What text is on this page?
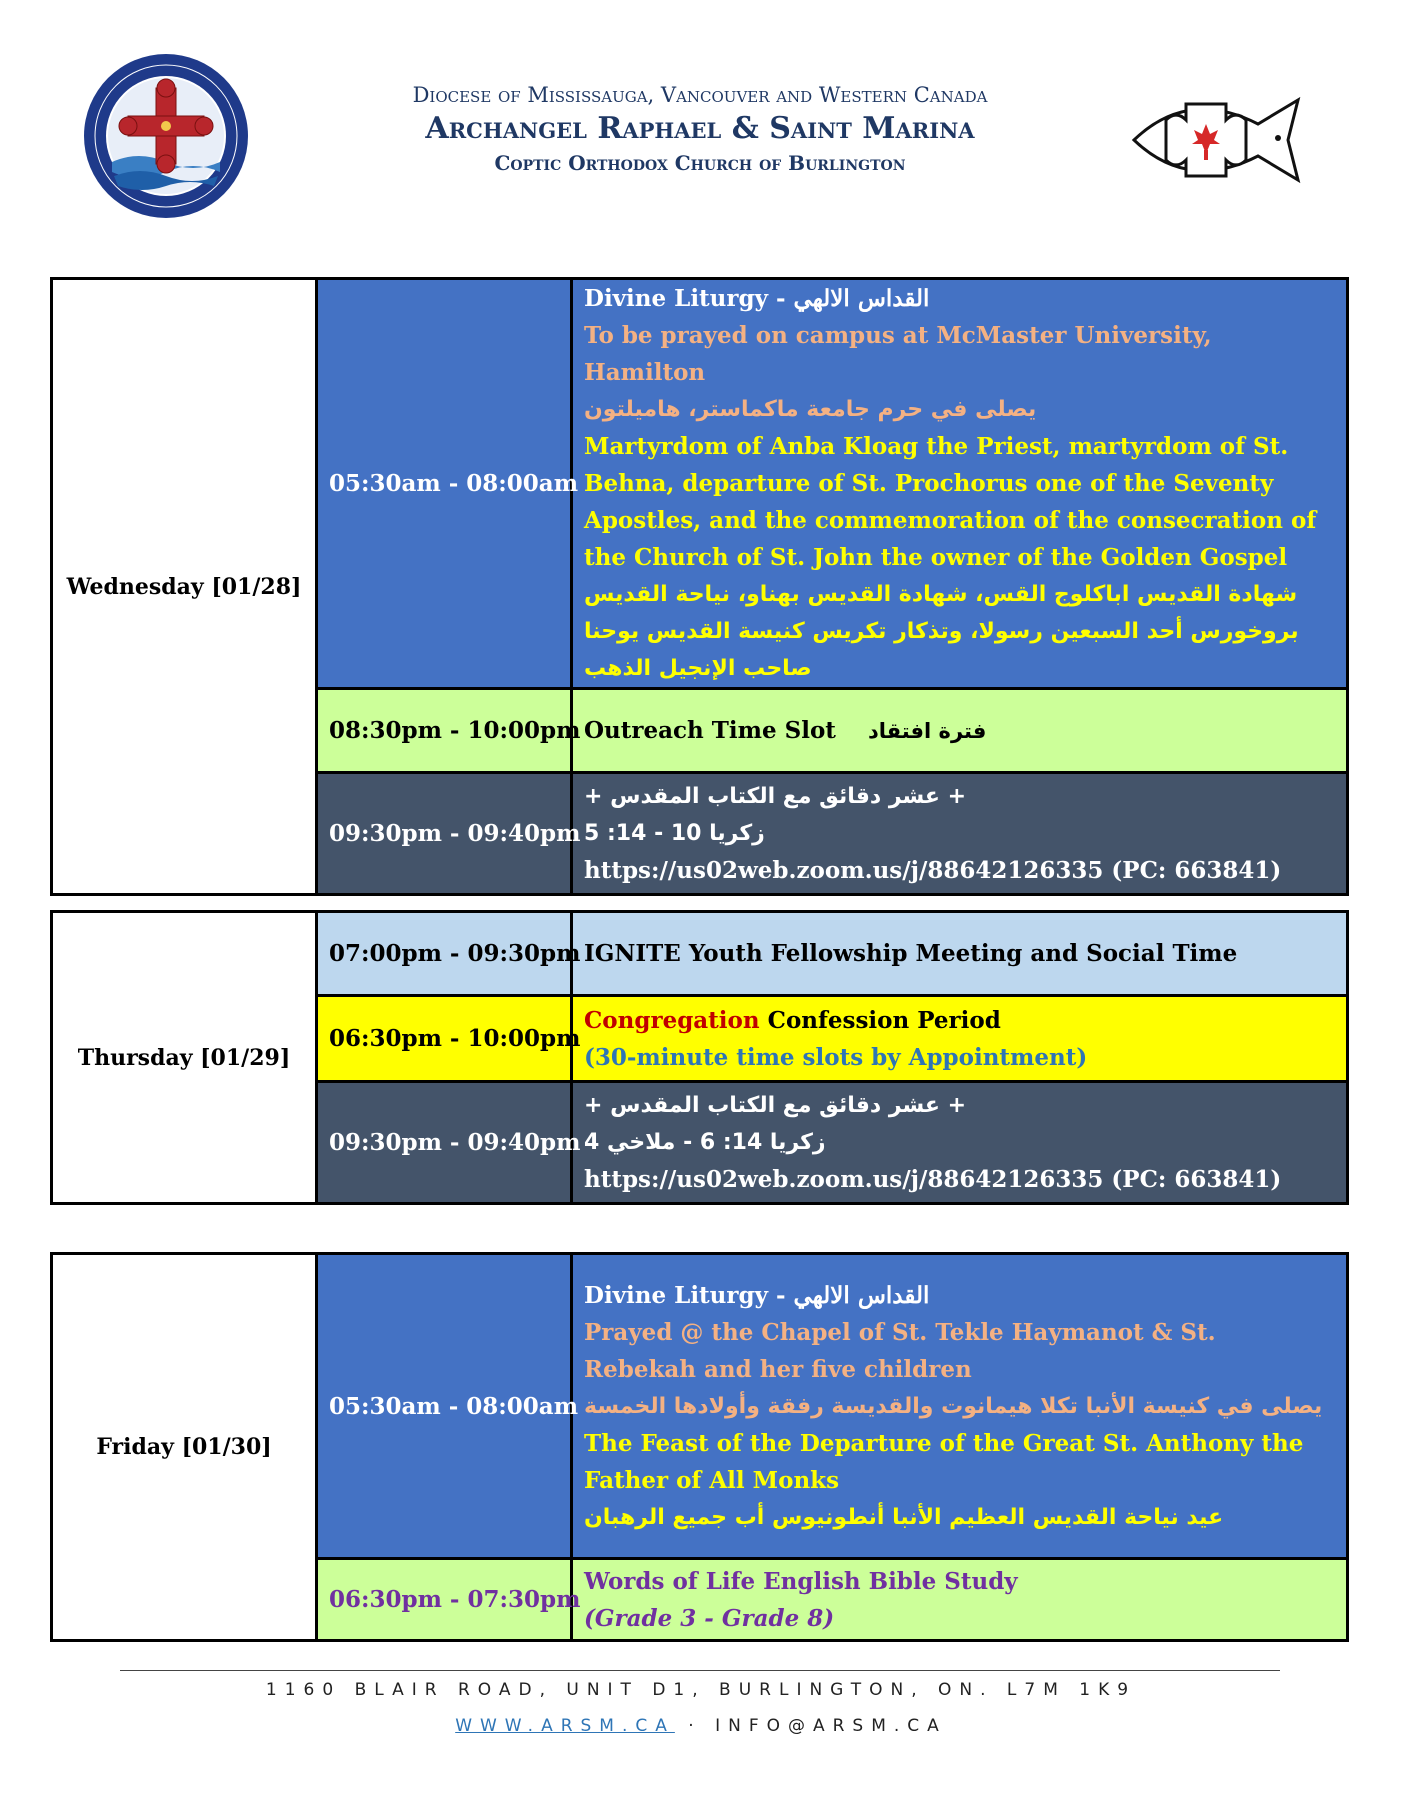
Diocese of Mississauga, Vancouver and Western Canada
Archangel Raphael & Saint Marina
Coptic Orthodox Church of Burlington
Wednesday [01/28]	05:30am - 08:00am	Divine Liturgy - القداس الالهي
To be prayed on campus at McMaster University, Hamilton
يصلى في حرم جامعة ماكماستر، هاميلتون
Martyrdom of Anba Kloag the Priest, martyrdom of St. Behna, departure of St. Prochorus one of the Seventy Apostles, and the commemoration of the consecration of the Church of St. John the owner of the Golden Gospel
شهادة القديس اباكلوج القس، شهادة القديس بهناو، نياحة القديس بروخورس أحد السبعين رسولا، وتذكار تكريس كنيسة القديس يوحنا صاحب الإنجيل الذهب

	08:30pm - 10:00pm	Outreach Time Slot فترة افتقاد
	09:30pm - 09:40pm	+ عشر دقائق مع الكتاب المقدس +
زكريا 10 - 14: 5
https://us02web.zoom.us/j/88642126335 (PC: 663841)
Thursday [01/29]	07:00pm - 09:30pm	IGNITE Youth Fellowship Meeting and Social Time
	06:30pm - 10:00pm	Congregation Confession Period
(30-minute time slots by Appointment)

	09:30pm - 09:40pm	+ عشر دقائق مع الكتاب المقدس +
زكريا 14: 6 - ملاخي 4
https://us02web.zoom.us/j/88642126335 (PC: 663841)
Friday [01/30]	05:30am - 08:00am	Divine Liturgy - القداس الالهي
Prayed @ the Chapel of St. Tekle Haymanot & St. Rebekah and her five children
يصلى في كنيسة الأنبا تكلا هيمانوت والقديسة رفقة وأولادها الخمسة
The Feast of the Departure of the Great St. Anthony the Father of All Monks
عيد نياحة القديس العظيم الأنبا أنطونيوس أب جميع الرهبان

	06:30pm - 07:30pm	Words of Life English Bible Study
(Grade 3 - Grade 8)
1160 BLAIR ROAD, UNIT D1, BURLINGTON, ON. L7M 1K9
WWW.ARSM.CA · INFO@ARSM.CA
